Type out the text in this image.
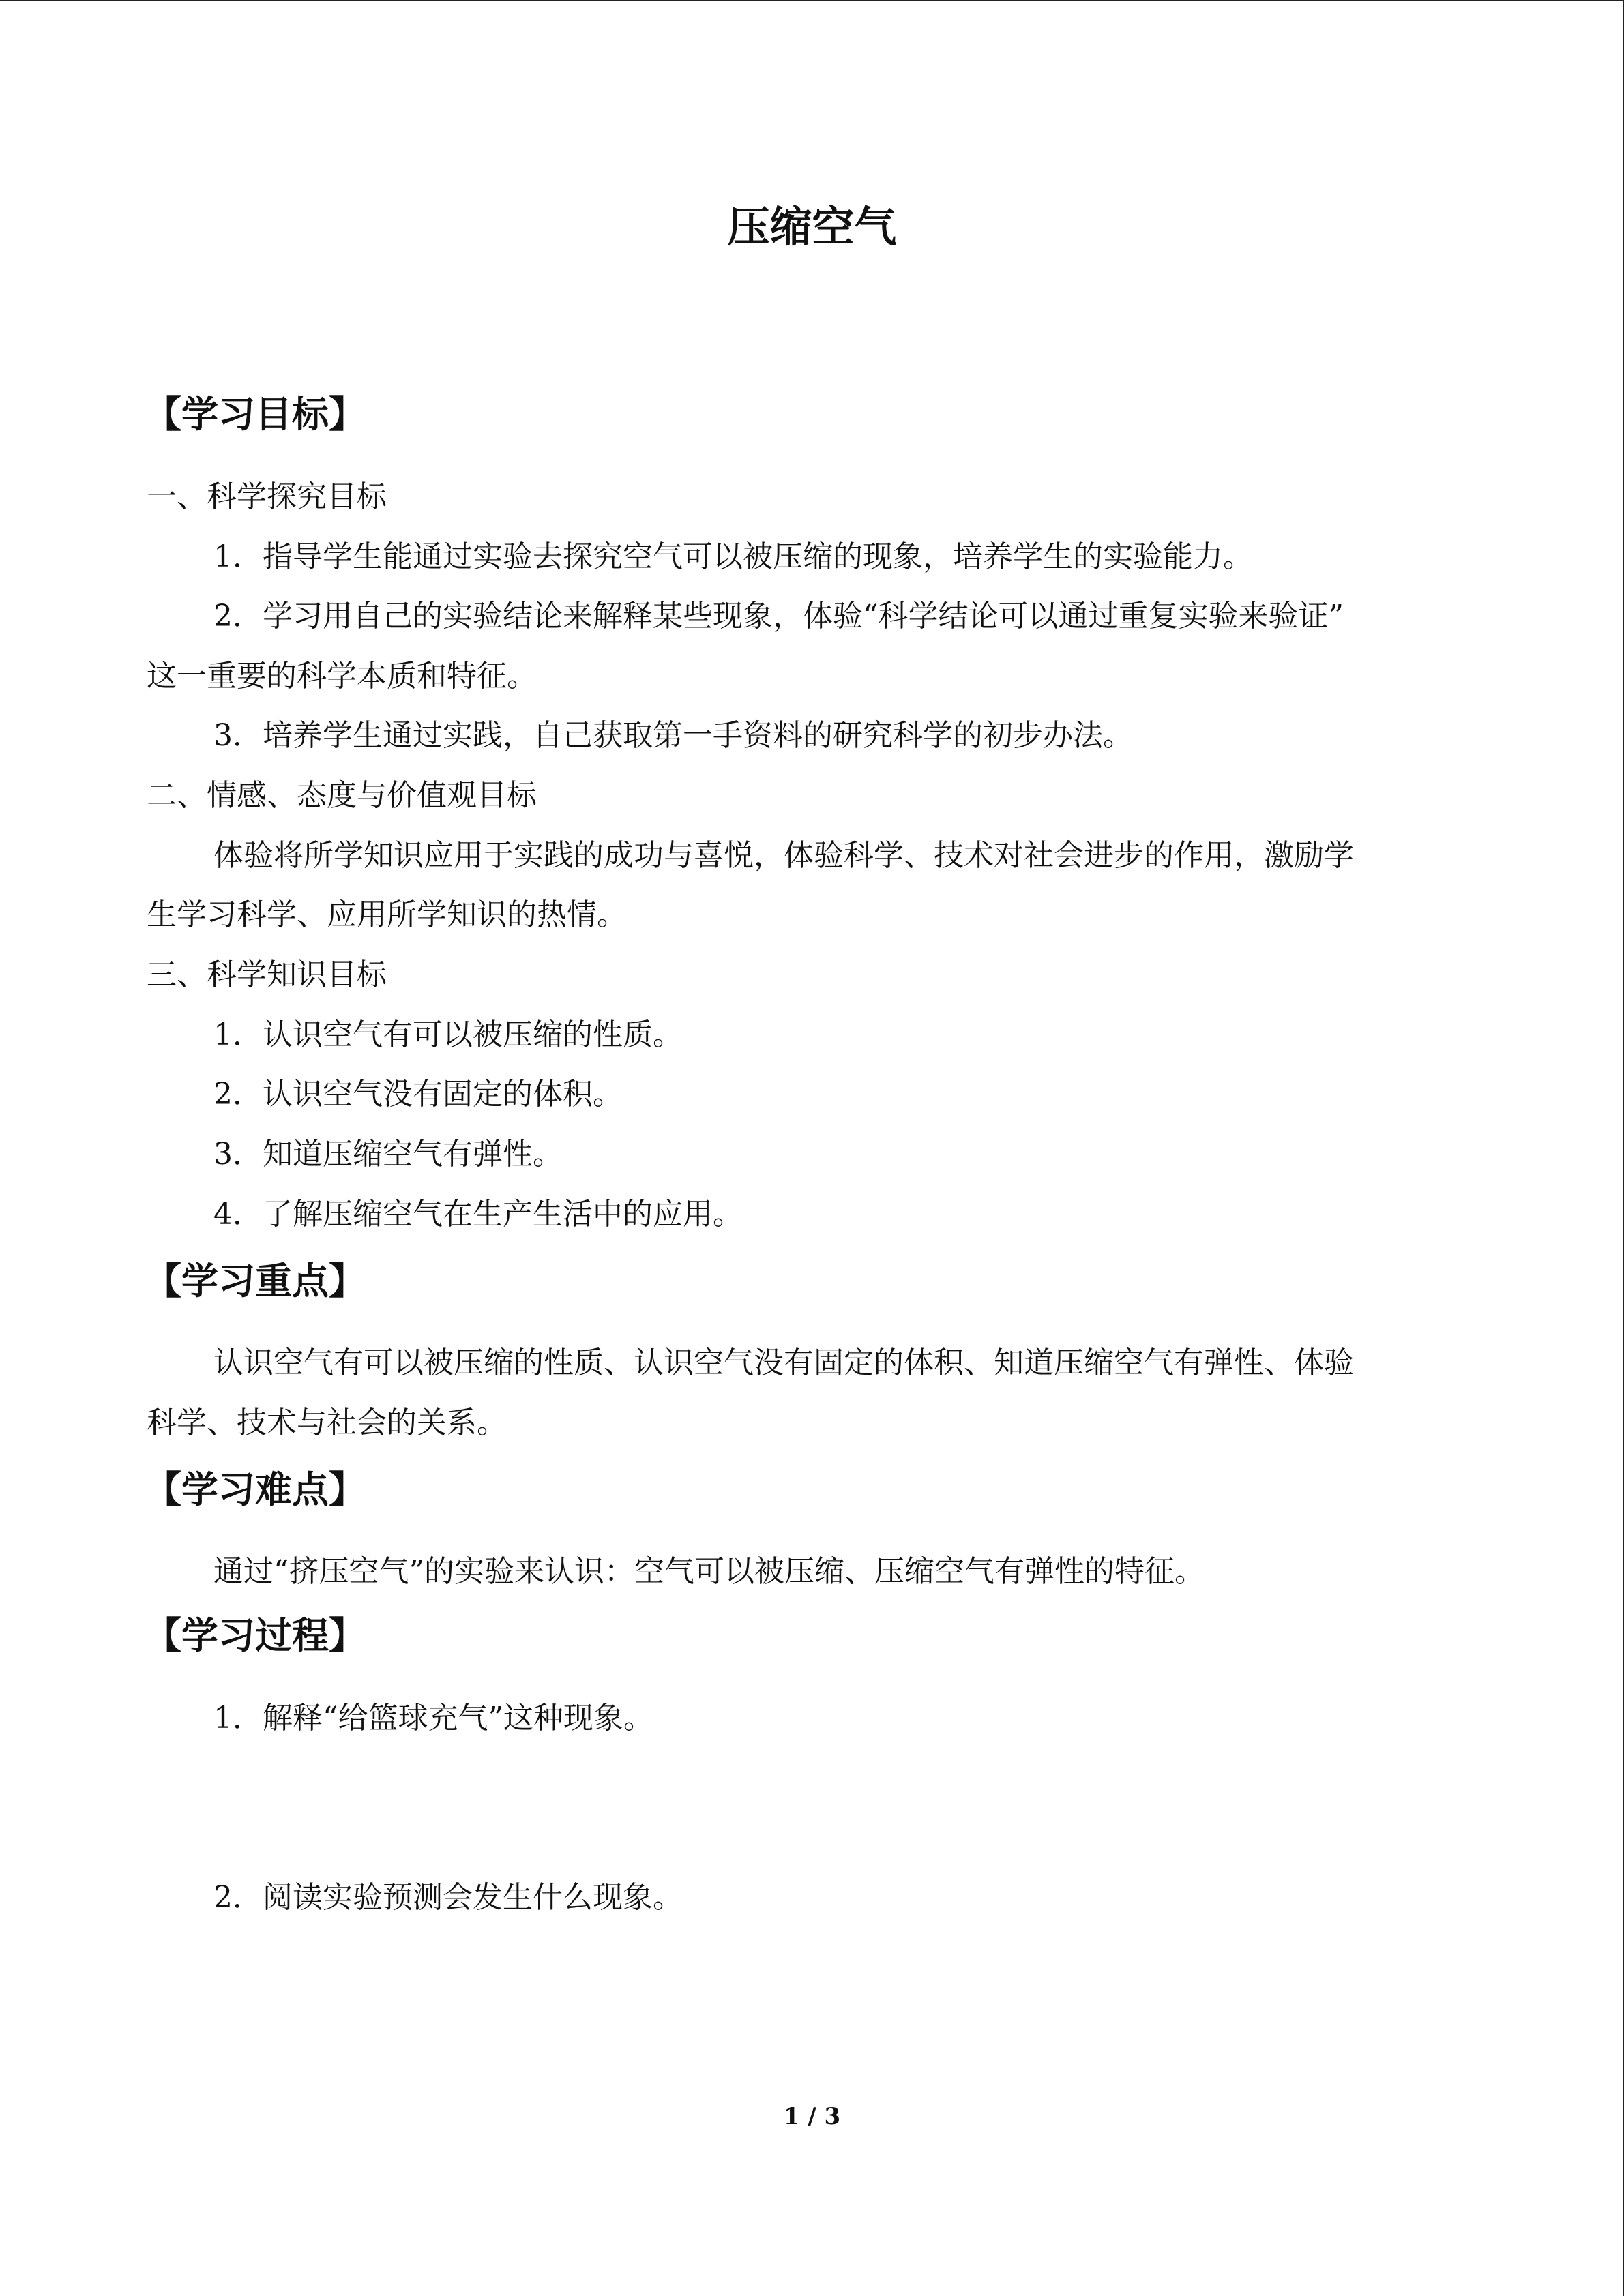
压缩空气
【学习目标】
一、科学探究目标
1．指导学生能通过实验去探究空气可以被压缩的现象，培养学生的实验能力。
2．学习用自己的实验结论来解释某些现象，体验“科学结论可以通过重复实验来验证”
这一重要的科学本质和特征。
3．培养学生通过实践，自己获取第一手资料的研究科学的初步办法。
二、情感、态度与价值观目标
体验将所学知识应用于实践的成功与喜悦，体验科学、技术对社会进步的作用，激励学
生学习科学、应用所学知识的热情。
三、科学知识目标
1．认识空气有可以被压缩的性质。
2．认识空气没有固定的体积。
3．知道压缩空气有弹性。
4．了解压缩空气在生产生活中的应用。
【学习重点】
认识空气有可以被压缩的性质、认识空气没有固定的体积、知道压缩空气有弹性、体验
科学、技术与社会的关系。
【学习难点】
通过“挤压空气”的实验来认识：空气可以被压缩、压缩空气有弹性的特征。
【学习过程】
1．解释“给篮球充气”这种现象。
2．阅读实验预测会发生什么现象。
1 / 3
